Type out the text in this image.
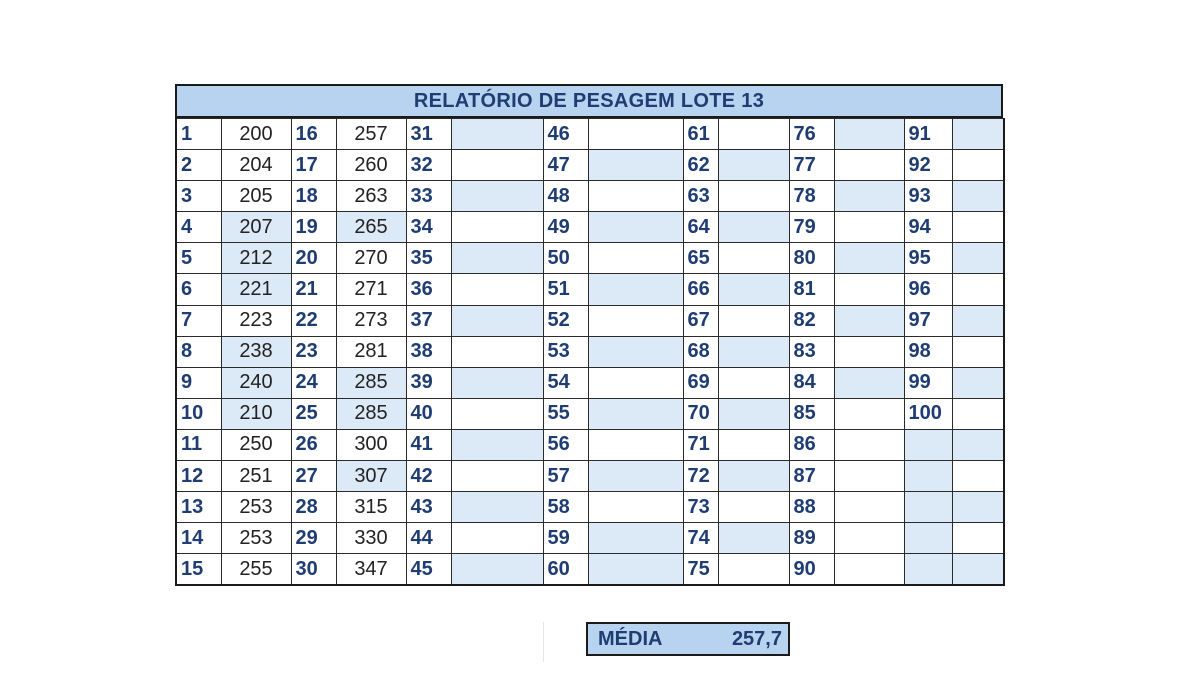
RELATÓRIO DE PESAGEM LOTE 13
1	200	16	257	31		46		61		76		91	
2	204	17	260	32		47		62		77		92	
3	205	18	263	33		48		63		78		93	
4	207	19	265	34		49		64		79		94	
5	212	20	270	35		50		65		80		95	
6	221	21	271	36		51		66		81		96	
7	223	22	273	37		52		67		82		97	
8	238	23	281	38		53		68		83		98	
9	240	24	285	39		54		69		84		99	
10	210	25	285	40		55		70		85		100	
11	250	26	300	41		56		71		86			
12	251	27	307	42		57		72		87			
13	253	28	315	43		58		73		88			
14	253	29	330	44		59		74		89			
15	255	30	347	45		60		75		90			
MÉDIA	257,7
